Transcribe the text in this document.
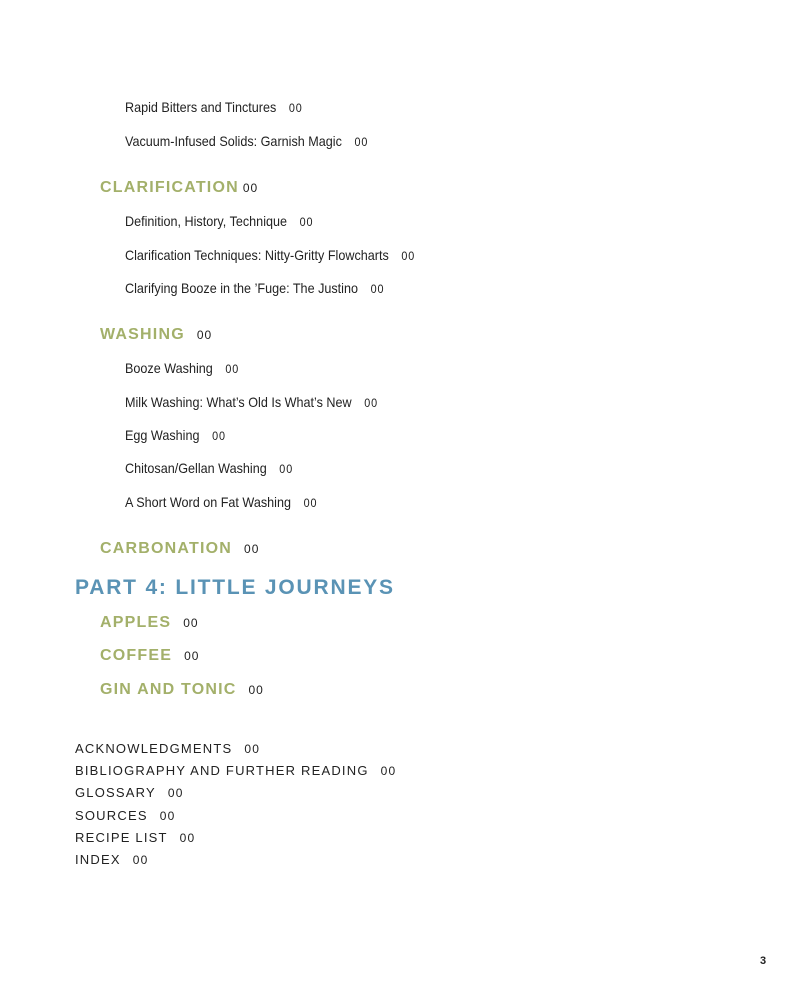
Rapid Bitters and Tinctures 00
Vacuum-Infused Solids: Garnish Magic 00
CLARIFICATION 00
Definition, History, Technique 00
Clarification Techniques: Nitty-Gritty Flowcharts 00
Clarifying Booze in the ’Fuge: The Justino 00
WASHING 00
Booze Washing 00
Milk Washing: What’s Old Is What’s New 00
Egg Washing 00
Chitosan/Gellan Washing 00
A Short Word on Fat Washing 00
CARBONATION 00
PART 4: LITTLE JOURNEYS
APPLES 00
COFFEE 00
GIN AND TONIC 00
ACKNOWLEDGMENTS 00
BIBLIOGRAPHY AND FURTHER READING 00
GLOSSARY 00
SOURCES 00
RECIPE LIST 00
INDEX 00
3
